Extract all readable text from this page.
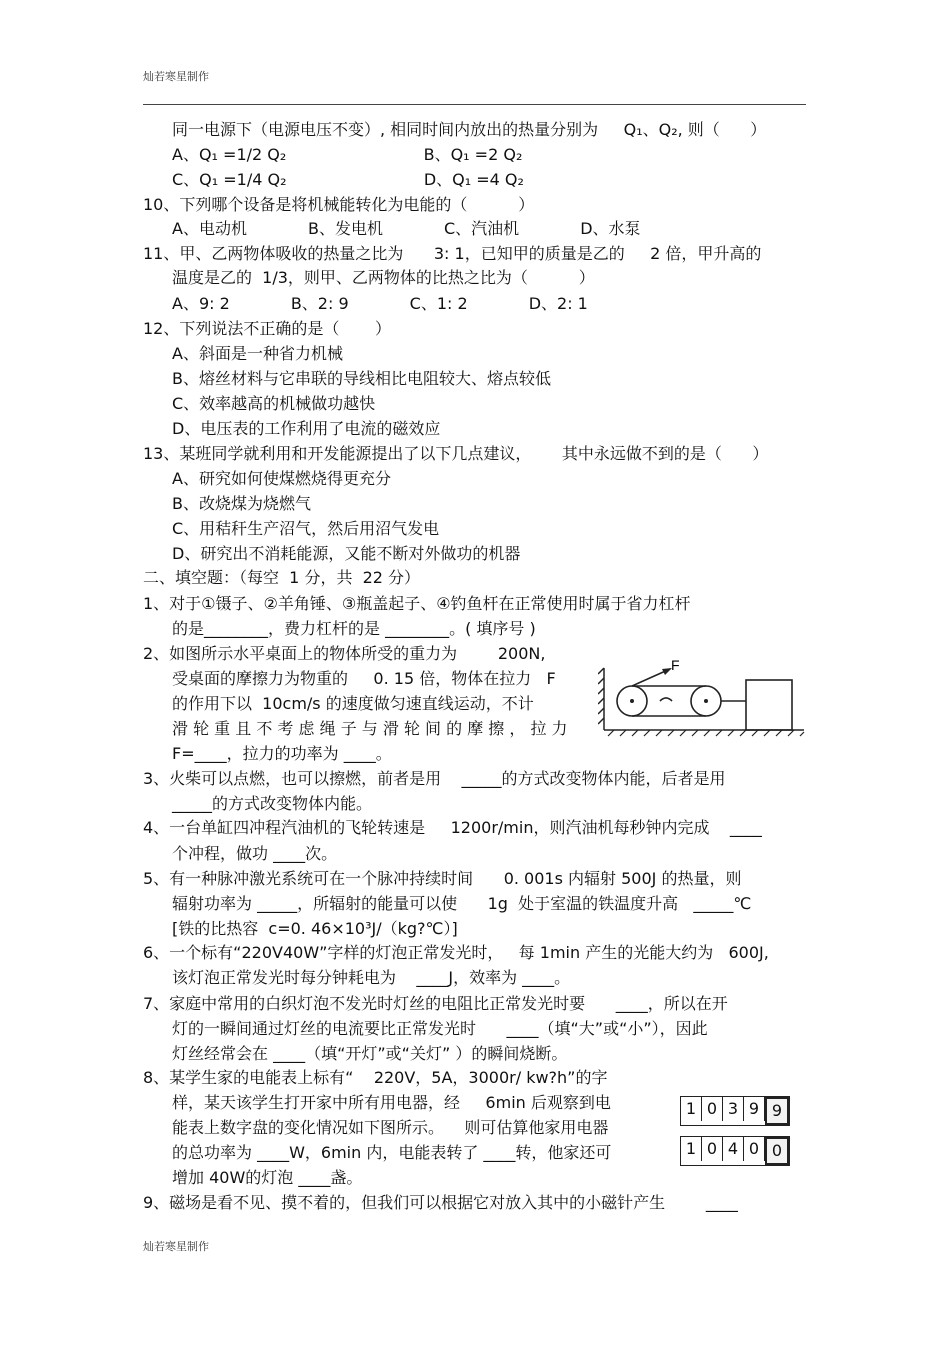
灿若寒星制作
同一电源下（电源电压不变）, 相同时间内放出的热量分别为     Q₁、Q₂, 则（      ）
A、Q₁ =1/2 Q₂                           B、Q₁ =2 Q₂
C、Q₁ =1/4 Q₂                           D、Q₁ =4 Q₂
10、下列哪个设备是将机械能转化为电能的（          ）
A、电动机            B、发电机            C、汽油机            D、水泵
11、甲、乙两物体吸收的热量之比为      3: 1，已知甲的质量是乙的     2 倍，甲升高的
温度是乙的  1/3，则甲、乙两物体的比热之比为（          ）
A、9: 2            B、2: 9            C、1: 2            D、2: 1
12、下列说法不正确的是（       ）
A、斜面是一种省力机械
B、熔丝材料与它串联的导线相比电阻较大、熔点较低
C、效率越高的机械做功越快
D、电压表的工作利用了电流的磁效应
13、某班同学就利用和开发能源提出了以下几点建议，      其中永远做不到的是（      ）
A、研究如何使煤燃烧得更充分
B、改烧煤为烧燃气
C、用秸秆生产沼气，然后用沼气发电
D、研究出不消耗能源，又能不断对外做功的机器
二、填空题：（每空  1 分，共  22 分）
1、对于①镊子、②羊角锤、③瓶盖起子、④钓鱼杆在正常使用时属于省力杠杆
的是________，费力杠杆的是 ________。( 填序号 )
2、如图所示水平桌面上的物体所受的重力为        200N,
受桌面的摩擦力为物重的     0. 15 倍，物体在拉力   F
的作用下以  10cm/s 的速度做匀速直线运动，不计
滑 轮 重 且 不 考 虑 绳 子 与 滑 轮 间 的 摩 擦 ， 拉 力
F=____，拉力的功率为 ____。
3、火柴可以点燃，也可以擦燃，前者是用    _____的方式改变物体内能，后者是用
_____的方式改变物体内能。
4、一台单缸四冲程汽油机的飞轮转速是     1200r/min，则汽油机每秒钟内完成    ____
个冲程，做功 ____次。
5、有一种脉冲激光系统可在一个脉冲持续时间      0. 001s 内辐射 500J 的热量，则
辐射功率为 _____，所辐射的能量可以使      1g  处于室温的铁温度升高   _____℃
[铁的比热容  c=0. 46×10³J/（kg?℃）]
6、一个标有“220V40W”字样的灯泡正常发光时，   每 1min 产生的光能大约为   600J,
该灯泡正常发光时每分钟耗电为    ____J，效率为 ____。
7、家庭中常用的白织灯泡不发光时灯丝的电阻比正常发光时要      ____，所以在开
灯的一瞬间通过灯丝的电流要比正常发光时      ____（填“大”或“小”），因此
灯丝经常会在 ____（填“开灯”或“关灯” ）的瞬间烧断。
8、某学生家的电能表上标有“    220V，5A，3000r/ kw?h”的字
样，某天该学生打开家中所有用电器，经     6min 后观察到电
能表上数字盘的变化情况如下图所示。    则可估算他家用电器
的总功率为 ____W，6min 内，电能表转了 ____转，他家还可
增加 40W的灯泡 ____盏。
9、磁场是看不见、摸不着的，但我们可以根据它对放入其中的小磁针产生        ____
F
1 0 3 9 9
1 0 4 0 0
灿若寒星制作
